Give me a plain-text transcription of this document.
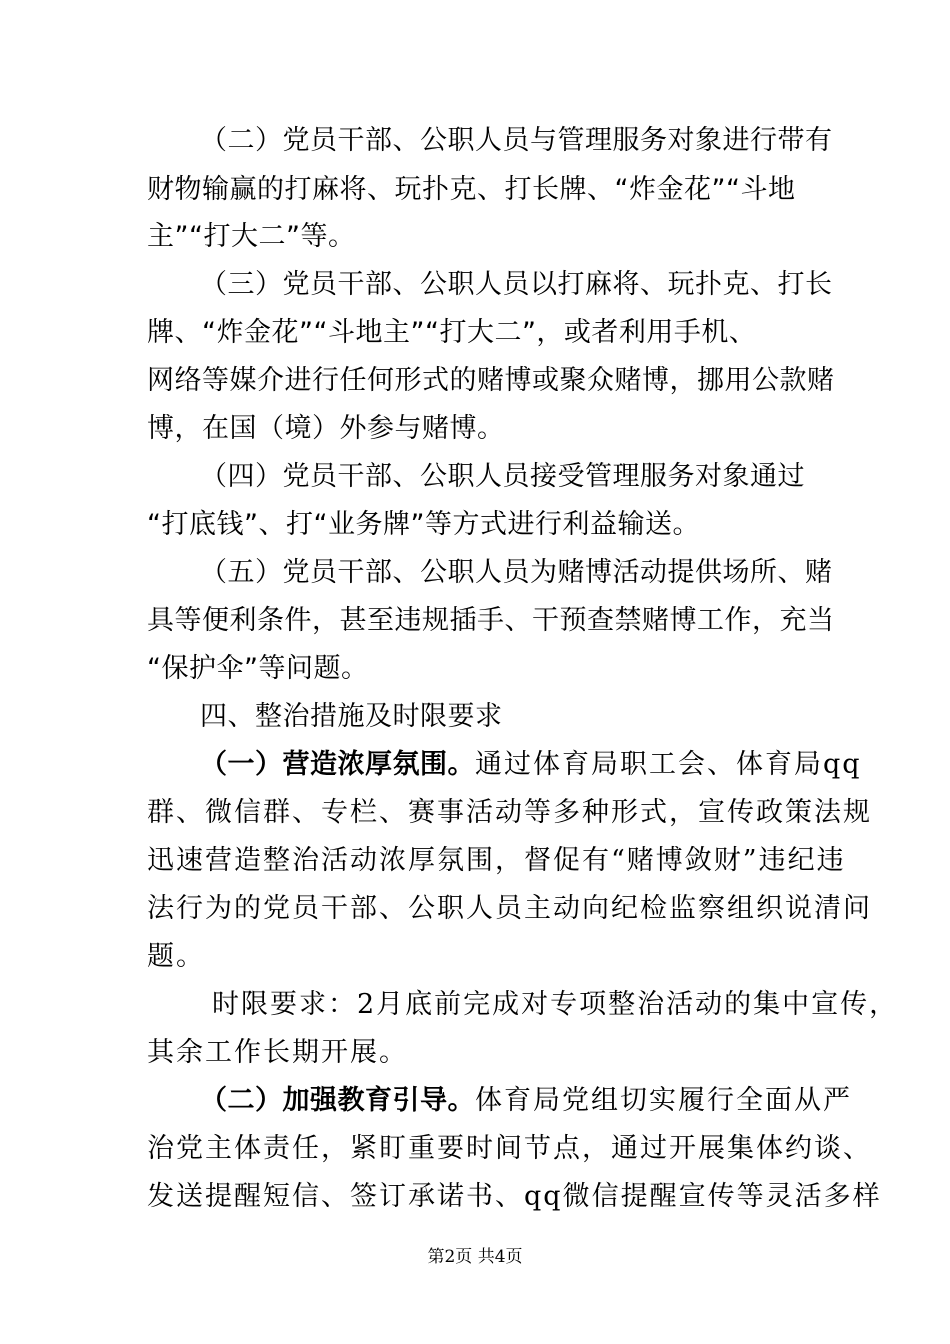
（二）党员干部、公职人员与管理服务对象进行带有
财物输赢的打麻将、玩扑克、打长牌、“炸金花”“斗地
主”“打大二”等。
（三）党员干部、公职人员以打麻将、玩扑克、打长
牌、“炸金花”“斗地主”“打大二”，或者利用手机、
网络等媒介进行任何形式的赌博或聚众赌博，挪用公款赌
博，在国（境）外参与赌博。
（四）党员干部、公职人员接受管理服务对象通过
“打底钱”、打“业务牌”等方式进行利益输送。
（五）党员干部、公职人员为赌博活动提供场所、赌
具等便利条件，甚至违规插手、干预查禁赌博工作，充当
“保护伞”等问题。
四、整治措施及时限要求
（一）营造浓厚氛围。通过体育局职工会、体育局qq
群、微信群、专栏、赛事活动等多种形式，宣传政策法规
迅速营造整治活动浓厚氛围，督促有“赌博敛财”违纪违
法行为的党员干部、公职人员主动向纪检监察组织说清问
题。
时限要求：2月底前完成对专项整治活动的集中宣传，
其余工作长期开展。
（二）加强教育引导。体育局党组切实履行全面从严
治党主体责任，紧盯重要时间节点，通过开展集体约谈、
发送提醒短信、签订承诺书、qq微信提醒宣传等灵活多样
第2页 共4页
